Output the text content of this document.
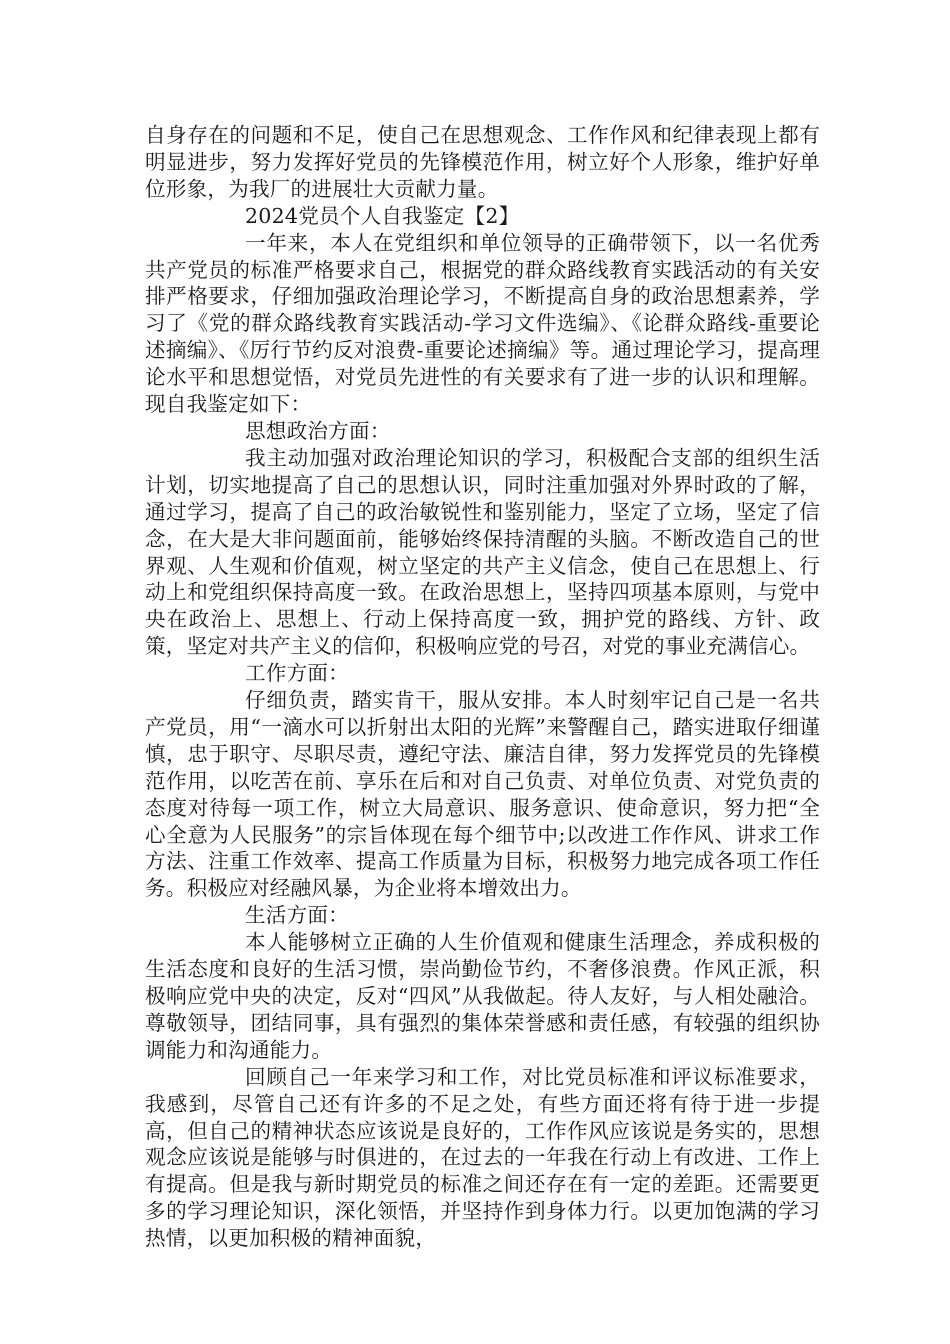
自身存在的问题和不足，使自己在思想观念、工作作风和纪律表现上都有明显进步，努力发挥好党员的先锋模范作用，树立好个人形象，维护好单位形象，为我厂的进展壮大贡献力量。

2024党员个人自我鉴定【2】

一年来，本人在党组织和单位领导的正确带领下，以一名优秀共产党员的标准严格要求自己，根据党的群众路线教育实践活动的有关安排严格要求，仔细加强政治理论学习，不断提高自身的政治思想素养，学习了《党的群众路线教育实践活动-学习文件选编》、《论群众路线-重要论述摘编》、《厉行节约反对浪费-重要论述摘编》等。通过理论学习，提高理论水平和思想觉悟，对党员先进性的有关要求有了进一步的认识和理解。现自我鉴定如下：

思想政治方面：

我主动加强对政治理论知识的学习，积极配合支部的组织生活计划，切实地提高了自己的思想认识，同时注重加强对外界时政的了解，通过学习，提高了自己的政治敏锐性和鉴别能力，坚定了立场，坚定了信念，在大是大非问题面前，能够始终保持清醒的头脑。不断改造自己的世界观、人生观和价值观，树立坚定的共产主义信念，使自己在思想上、行动上和党组织保持高度一致。在政治思想上，坚持四项基本原则，与党中央在政治上、思想上、行动上保持高度一致，拥护党的路线、方针、政策，坚定对共产主义的信仰，积极响应党的号召，对党的事业充满信心。

工作方面：

仔细负责，踏实肯干，服从安排。本人时刻牢记自己是一名共产党员，用“一滴水可以折射出太阳的光辉”来警醒自己，踏实进取仔细谨慎，忠于职守、尽职尽责，遵纪守法、廉洁自律，努力发挥党员的先锋模范作用，以吃苦在前、享乐在后和对自己负责、对单位负责、对党负责的态度对待每一项工作，树立大局意识、服务意识、使命意识，努力把“全心全意为人民服务”的宗旨体现在每个细节中;以改进工作作风、讲求工作方法、注重工作效率、提高工作质量为目标，积极努力地完成各项工作任务。积极应对经融风暴，为企业将本增效出力。

生活方面：

本人能够树立正确的人生价值观和健康生活理念，养成积极的生活态度和良好的生活习惯，崇尚勤俭节约，不奢侈浪费。作风正派，积极响应党中央的决定，反对“四风”从我做起。待人友好，与人相处融洽。尊敬领导，团结同事，具有强烈的集体荣誉感和责任感，有较强的组织协调能力和沟通能力。

回顾自己一年来学习和工作，对比党员标准和评议标准要求，我感到，尽管自己还有许多的不足之处，有些方面还将有待于进一步提高，但自己的精神状态应该说是良好的，工作作风应该说是务实的，思想观念应该说是能够与时俱进的，在过去的一年我在行动上有改进、工作上有提高。但是我与新时期党员的标准之间还存在有一定的差距。还需要更多的学习理论知识，深化领悟，并坚持作到身体力行。以更加饱满的学习热情，以更加积极的精神面貌，
